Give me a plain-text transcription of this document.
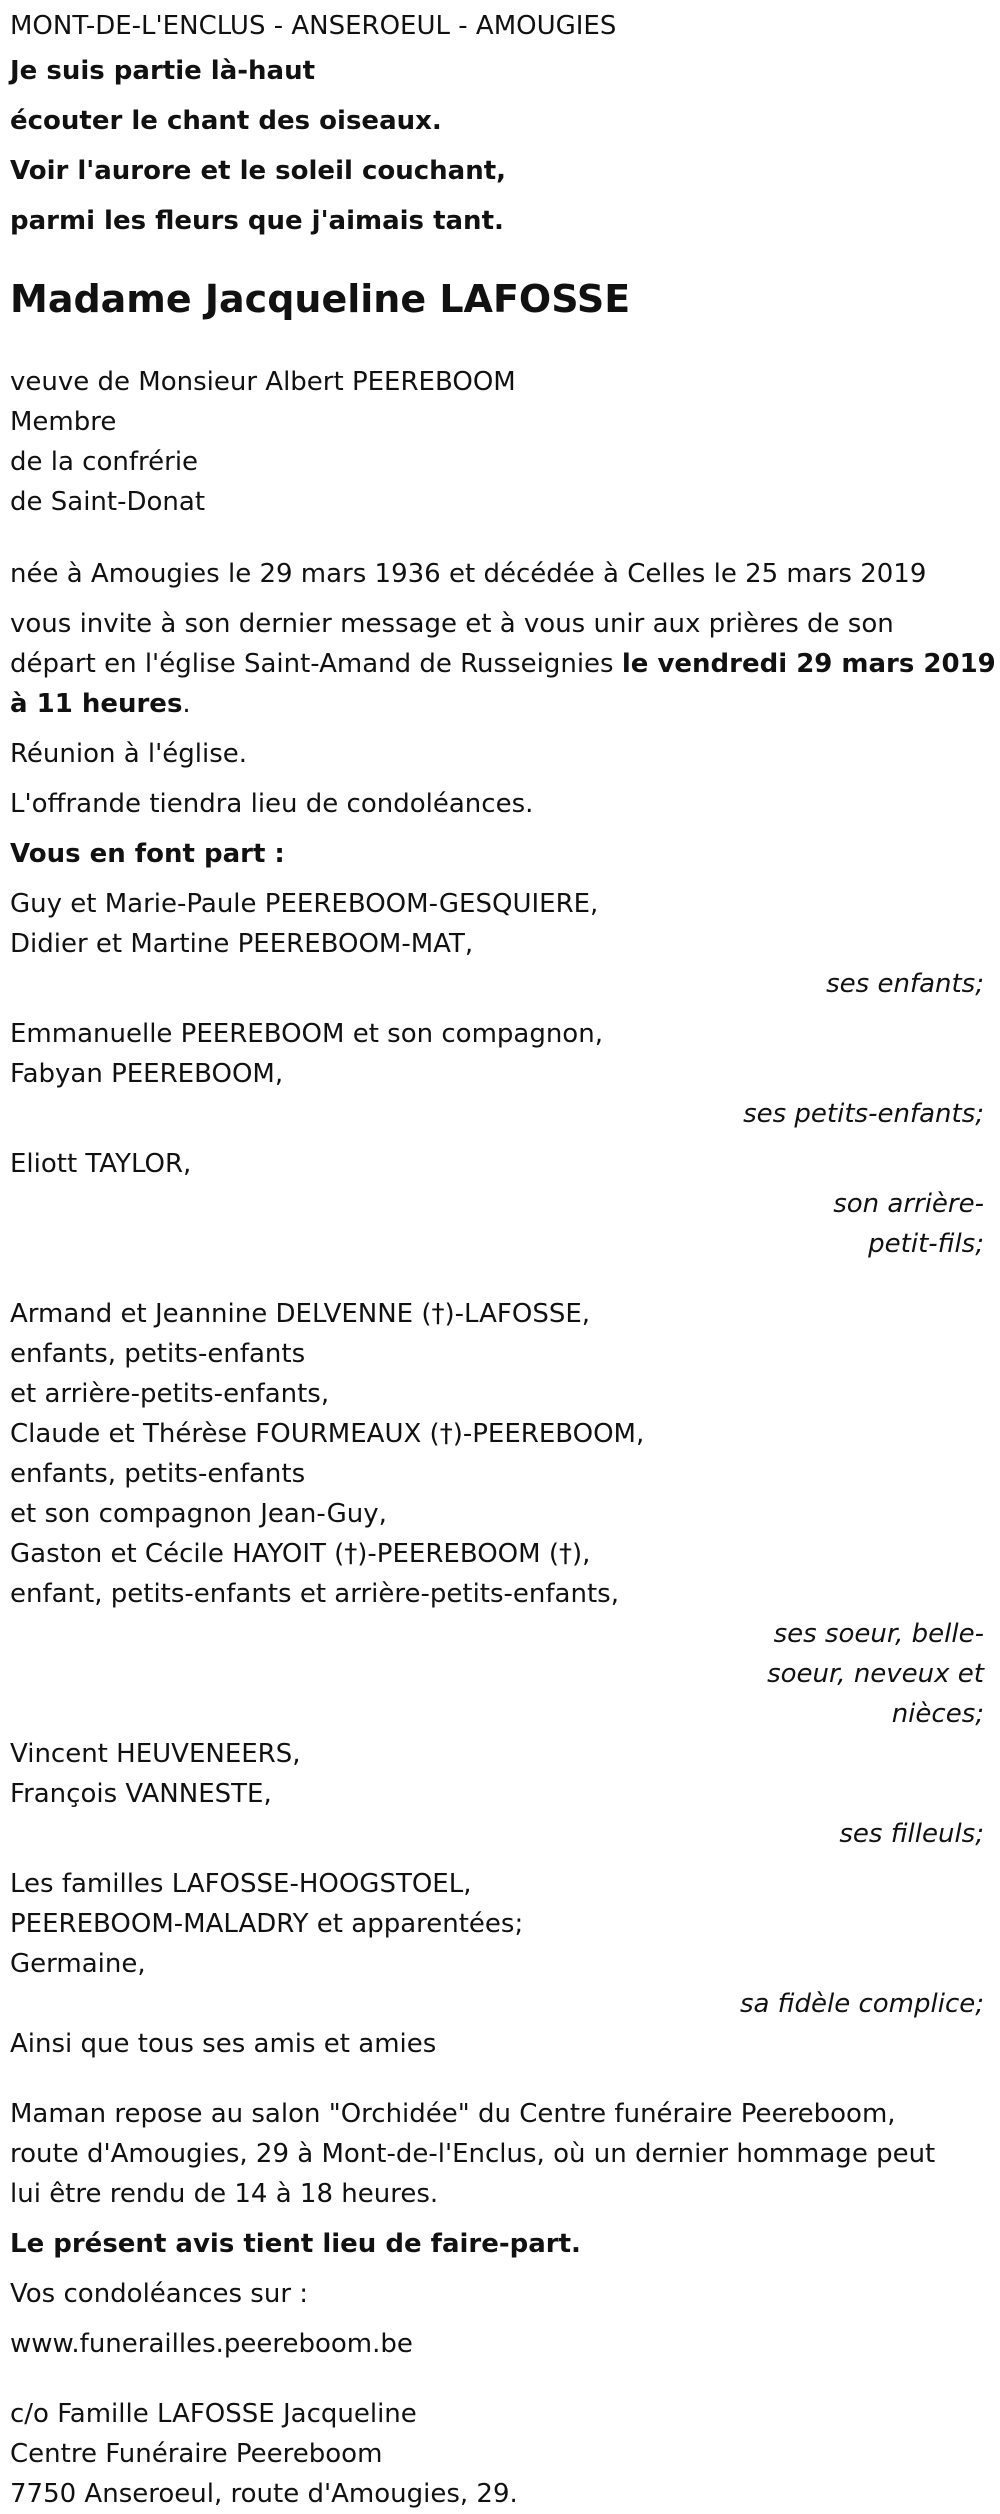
MONT-DE-L'ENCLUS - ANSEROEUL - AMOUGIES
Je suis partie là-haut
écouter le chant des oiseaux.
Voir l'aurore et le soleil couchant,
parmi les fleurs que j'aimais tant.
Madame Jacqueline LAFOSSE
veuve de Monsieur Albert PEEREBOOM
Membre
de la confrérie
de Saint-Donat
née à Amougies le 29 mars 1936 et décédée à Celles le 25 mars 2019
vous invite à son dernier message et à vous unir aux prières de son
départ en l'église Saint-Amand de Russeignies le vendredi 29 mars 2019
à 11 heures.
Réunion à l'église.
L'offrande tiendra lieu de condoléances.
Vous en font part :
Guy et Marie-Paule PEEREBOOM-GESQUIERE,
Didier et Martine PEEREBOOM-MAT,
ses enfants;
Emmanuelle PEEREBOOM et son compagnon,
Fabyan PEEREBOOM,
ses petits-enfants;
Eliott TAYLOR,
son arrière-
petit-fils;
Armand et Jeannine DELVENNE (†)-LAFOSSE,
enfants, petits-enfants
et arrière-petits-enfants,
Claude et Thérèse FOURMEAUX (†)-PEEREBOOM,
enfants, petits-enfants
et son compagnon Jean-Guy,
Gaston et Cécile HAYOIT (†)-PEEREBOOM (†),
enfant, petits-enfants et arrière-petits-enfants,
ses soeur, belle-
soeur, neveux et
nièces;
Vincent HEUVENEERS,
François VANNESTE,
ses filleuls;
Les familles LAFOSSE-HOOGSTOEL,
PEEREBOOM-MALADRY et apparentées;
Germaine,
sa fidèle complice;
Ainsi que tous ses amis et amies
Maman repose au salon "Orchidée" du Centre funéraire Peereboom,
route d'Amougies, 29 à Mont-de-l'Enclus, où un dernier hommage peut
lui être rendu de 14 à 18 heures.
Le présent avis tient lieu de faire-part.
Vos condoléances sur :
www.funerailles.peereboom.be
c/o Famille LAFOSSE Jacqueline
Centre Funéraire Peereboom
7750 Anseroeul, route d'Amougies, 29.
